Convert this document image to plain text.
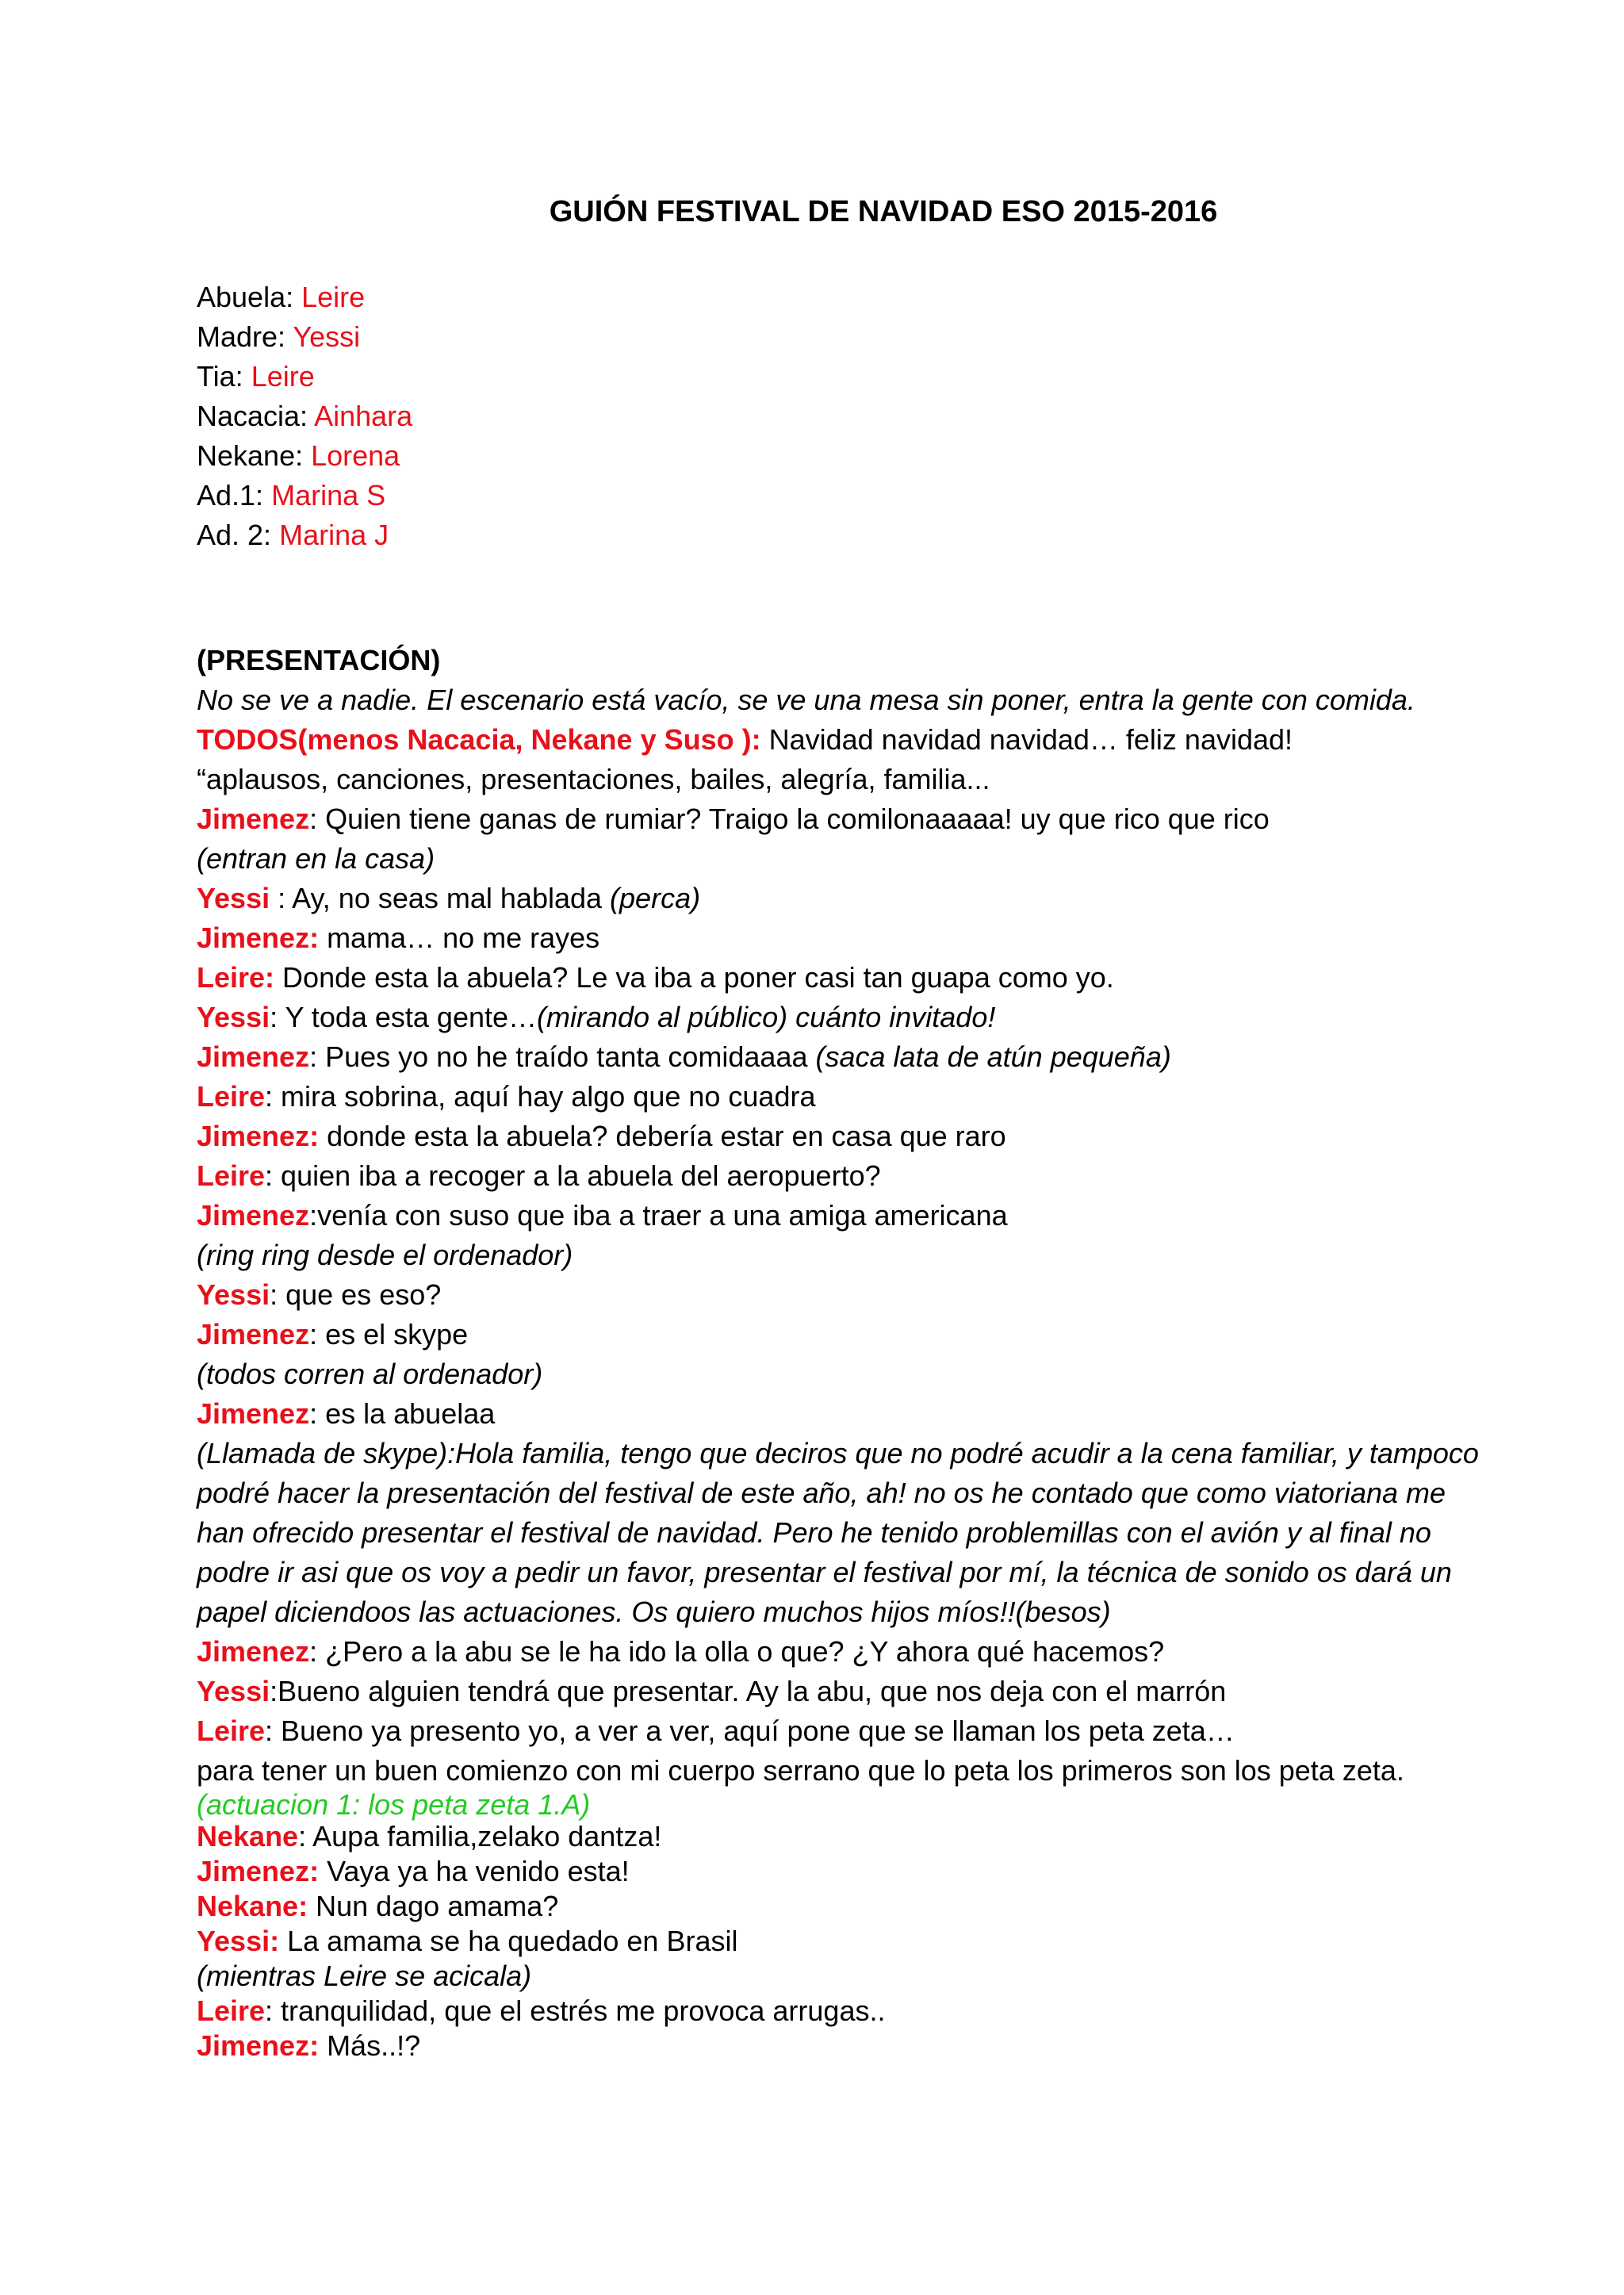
GUIÓN FESTIVAL DE NAVIDAD ESO 2015-2016
Abuela: Leire
Madre: Yessi
Tia: Leire
Nacacia: Ainhara
Nekane: Lorena
Ad.1: Marina S
Ad. 2: Marina J
(PRESENTACIÓN)
No se ve a nadie. El escenario está vacío, se ve una mesa sin poner, entra la gente con comida.
TODOS(menos Nacacia, Nekane y Suso ): Navidad navidad navidad… feliz navidad!
“aplausos, canciones, presentaciones, bailes, alegría, familia...
Jimenez: Quien tiene ganas de rumiar? Traigo la comilonaaaaa! uy que rico que rico
(entran en la casa)
Yessi : Ay, no seas mal hablada (perca)
Jimenez: mama… no me rayes
Leire: Donde esta la abuela? Le va iba a poner casi tan guapa como yo.
Yessi: Y toda esta gente…(mirando al público) cuánto invitado!
Jimenez: Pues yo no he traído tanta comidaaaa (saca lata de atún pequeña)
Leire: mira sobrina, aquí hay algo que no cuadra
Jimenez: donde esta la abuela? debería estar en casa que raro
Leire: quien iba a recoger a la abuela del aeropuerto?
Jimenez:venía con suso que iba a traer a una amiga americana
(ring ring desde el ordenador)
Yessi: que es eso?
Jimenez: es el skype
(todos corren al ordenador)
Jimenez: es la abuelaa
(Llamada de skype):Hola familia, tengo que deciros que no podré acudir a la cena familiar, y tampoco podré hacer la presentación del festival de este año, ah! no os he contado que como viatoriana me han ofrecido presentar el festival de navidad. Pero he tenido problemillas con el avión y al final no podre ir asi que os voy a pedir un favor, presentar el festival por mí, la técnica de sonido os dará un papel diciendoos las actuaciones. Os quiero muchos hijos míos!!(besos)
Jimenez: ¿Pero a la abu se le ha ido la olla o que? ¿Y ahora qué hacemos?
Yessi:Bueno alguien tendrá que presentar. Ay la abu, que nos deja con el marrón
Leire: Bueno ya presento yo, a ver a ver, aquí pone que se llaman los peta zeta…
para tener un buen comienzo con mi cuerpo serrano que lo peta los primeros son los peta zeta.
(actuacion 1: los peta zeta 1.A)
Nekane: Aupa familia,zelako dantza!
Jimenez: Vaya ya ha venido esta!
Nekane: Nun dago amama?
Yessi: La amama se ha quedado en Brasil
(mientras Leire se acicala)
Leire: tranquilidad, que el estrés me provoca arrugas..
Jimenez: Más..!?
